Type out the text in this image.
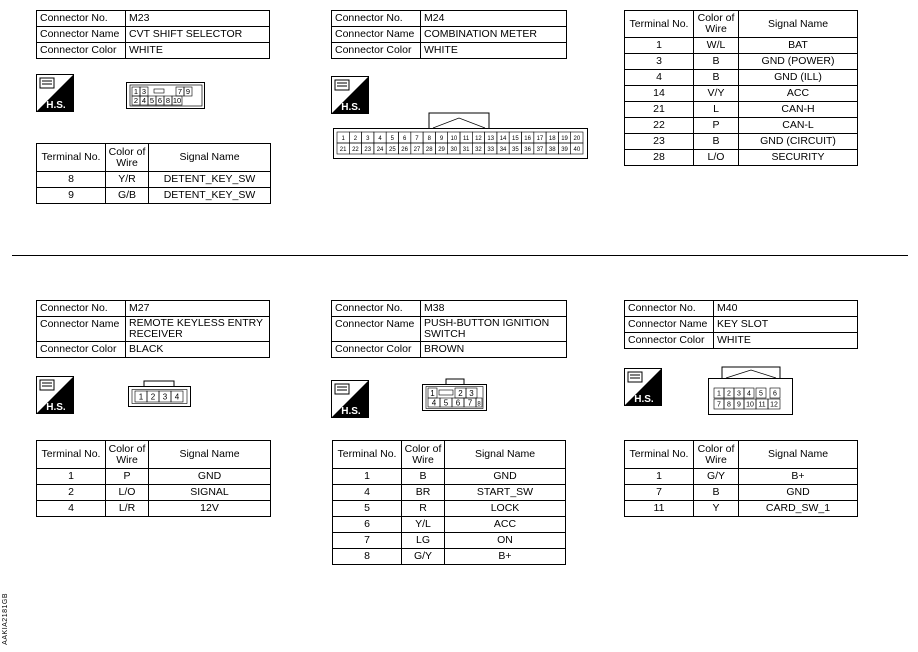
Connector No.	M23
Connector Name	CVT SHIFT SELECTOR
Connector Color	WHITE
H.S.
1 3	7 9
2 4 5 6 8 10
Terminal No.	Color of Wire	Signal Name
8	Y/R	DETENT_KEY_SW
9	G/B	DETENT_KEY_SW
Connector No.	M24
Connector Name	COMBINATION METER
Connector Color	WHITE
H.S.
1 2 3 4 5 6 7 8 9 10 11 12 13 14 15 16 17 18 19 20
21 22 23 24 25 26 27 28 29 30 31 32 33 34 35 36 37 38 39 40
Terminal No.	Color of Wire	Signal Name
1	W/L	BAT
3	B	GND (POWER)
4	B	GND (ILL)
14	V/Y	ACC
21	L	CAN-H
22	P	CAN-L
23	B	GND (CIRCUIT)
28	L/O	SECURITY
Connector No.	M27
Connector Name	REMOTE KEYLESS ENTRY RECEIVER
Connector Color	BLACK
H.S.
1 2 3 4
Terminal No.	Color of Wire	Signal Name
1	P	GND
2	L/O	SIGNAL
4	L/R	12V
Connector No.	M38
Connector Name	PUSH-BUTTON IGNITION SWITCH
Connector Color	BROWN
H.S.
1	2 3
4 5 6 7 8
Terminal No.	Color of Wire	Signal Name
1	B	GND
4	BR	START_SW
5	R	LOCK
6	Y/L	ACC
7	LG	ON
8	G/Y	B+
Connector No.	M40
Connector Name	KEY SLOT
Connector Color	WHITE
H.S.	1 2 3 4 5 6
7 8 9 10 11 12
Terminal No.	Color of Wire	Signal Name
1	G/Y	B+
7	B	GND
11	Y	CARD_SW_1
AAKIA2181GB
